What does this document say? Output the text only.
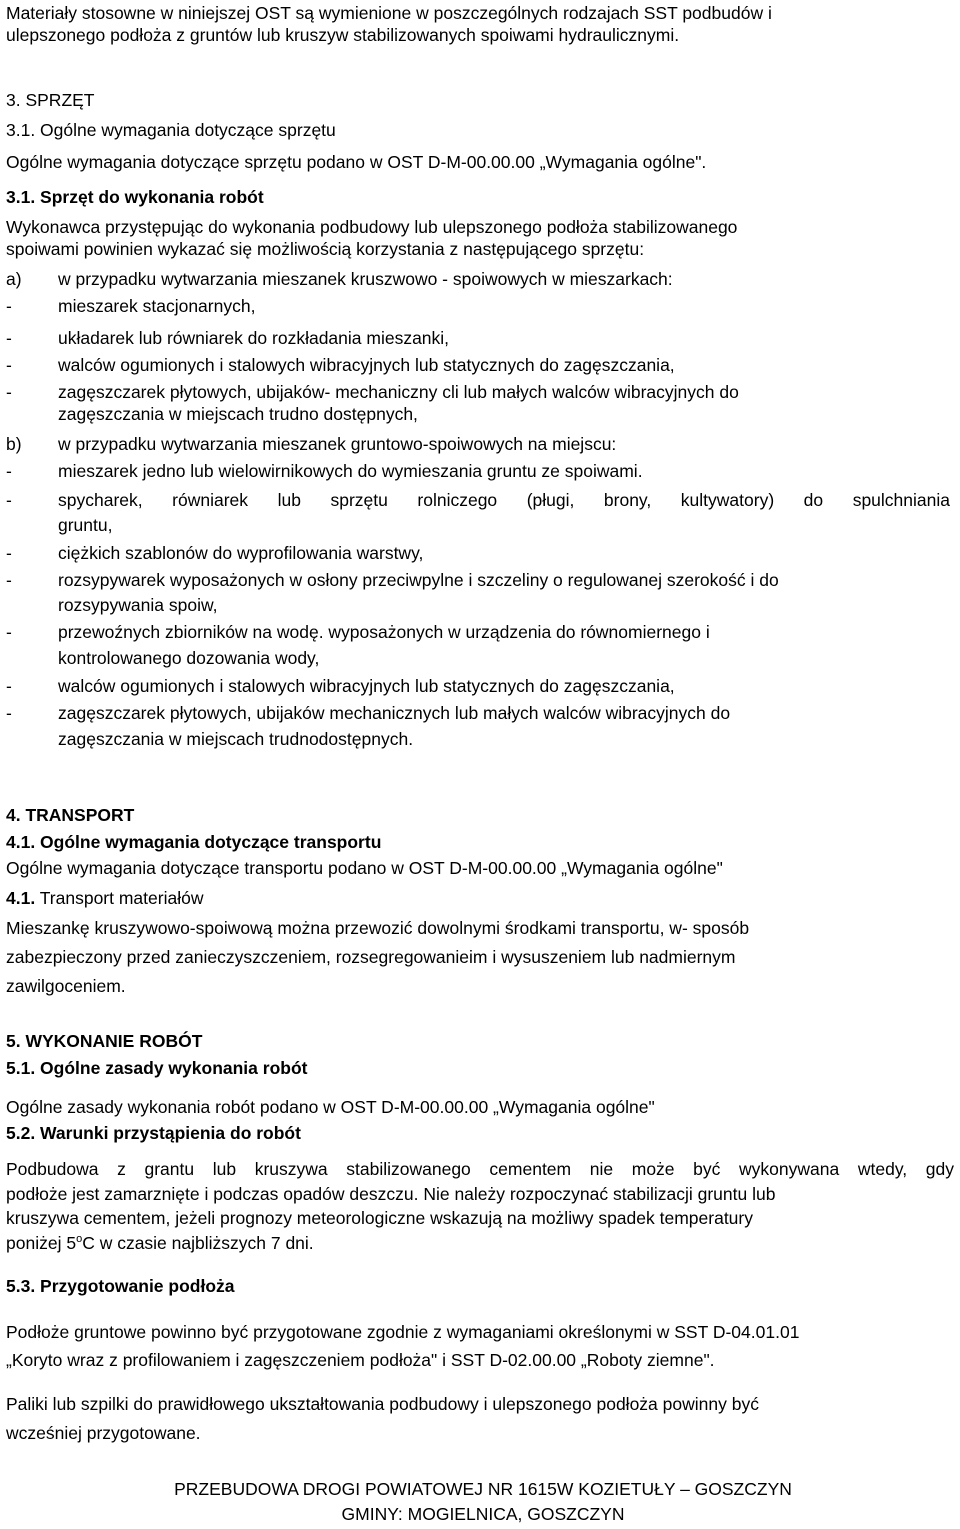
Materiały stosowne w niniejszej OST są wymienione w poszczególnych rodzajach SST podbudów i
ulepszonego podłoża z gruntów lub kruszyw stabilizowanych spoiwami hydraulicznymi.
3. SPRZĘT
3.1. Ogólne wymagania dotyczące sprzętu
Ogólne wymagania dotyczące sprzętu podano w OST D-M-00.00.00 „Wymagania ogólne".
3.1. Sprzęt do wykonania robót
Wykonawca przystępując do wykonania podbudowy lub ulepszonego podłoża stabilizowanego
spoiwami powinien wykazać się możliwością korzystania z następującego sprzętu:
a) w przypadku wytwarzania mieszanek kruszwowo - spoiwowych w mieszarkach:
-	mieszarek stacjonarnych,
-	układarek lub równiarek do rozkładania mieszanki,
-	walców ogumionych i stalowych wibracyjnych lub statycznych do zagęszczania,
-	zagęszczarek płytowych, ubijaków- mechaniczny cli lub małych walców wibracyjnych do
zagęszczania w miejscach trudno dostępnych,
b) w przypadku wytwarzania mieszanek gruntowo-spoiwowych na miejscu:
-	mieszarek jedno lub wielowirnikowych do wymieszania gruntu ze spoiwami.
-	spycharek, równiarek lub sprzętu rolniczego (pługi, brony, kultywatory) do spulchniania
gruntu,
-	ciężkich szablonów do wyprofilowania warstwy,
-	rozsypywarek wyposażonych w osłony przeciwpylne i szczeliny o regulowanej szerokość i do
rozsypywania spoiw,
-	przewoźnych zbiorników na wodę. wyposażonych w urządzenia do równomiernego i
kontrolowanego dozowania wody,
-	walców ogumionych i stalowych wibracyjnych lub statycznych do zagęszczania,
-	zagęszczarek płytowych, ubijaków mechanicznych lub małych walców wibracyjnych do
zagęszczania w miejscach trudnodostępnych.
4. TRANSPORT
4.1. Ogólne wymagania dotyczące transportu
Ogólne wymagania dotyczące transportu podano w OST D-M-00.00.00 „Wymagania ogólne"
4.1. Transport materiałów
Mieszankę kruszywowo-spoiwową można przewozić dowolnymi środkami transportu, w- sposób
zabezpieczony przed zanieczyszczeniem, rozsegregowanieim i wysuszeniem lub nadmiernym
zawilgoceniem.
5. WYKONANIE ROBÓT
5.1. Ogólne zasady wykonania robót
Ogólne zasady wykonania robót podano w OST D-M-00.00.00 „Wymagania ogólne"
5.2. Warunki przystąpienia do robót
Podbudowa z grantu lub kruszywa stabilizowanego cementem nie może być wykonywana wtedy, gdy
podłoże jest zamarznięte i podczas opadów deszczu. Nie należy rozpoczynać stabilizacji gruntu lub
kruszywa cementem, jeżeli prognozy meteorologiczne wskazują na możliwy spadek temperatury
poniżej 5$^o$C w czasie najbliższych 7 dni.
5.3. Przygotowanie podłoża
Podłoże gruntowe powinno być przygotowane zgodnie z wymaganiami określonymi w SST D-04.01.01
„Koryto wraz z profilowaniem i zagęszczeniem podłoża" i SST D-02.00.00 „Roboty ziemne".
Paliki lub szpilki do prawidłowego ukształtowania podbudowy i ulepszonego podłoża powinny być
wcześniej przygotowane.
PRZEBUDOWA DROGI POWIATOWEJ NR 1615W KOZIETUŁY – GOSZCZYN
GMINY: MOGIELNICA, GOSZCZYN
